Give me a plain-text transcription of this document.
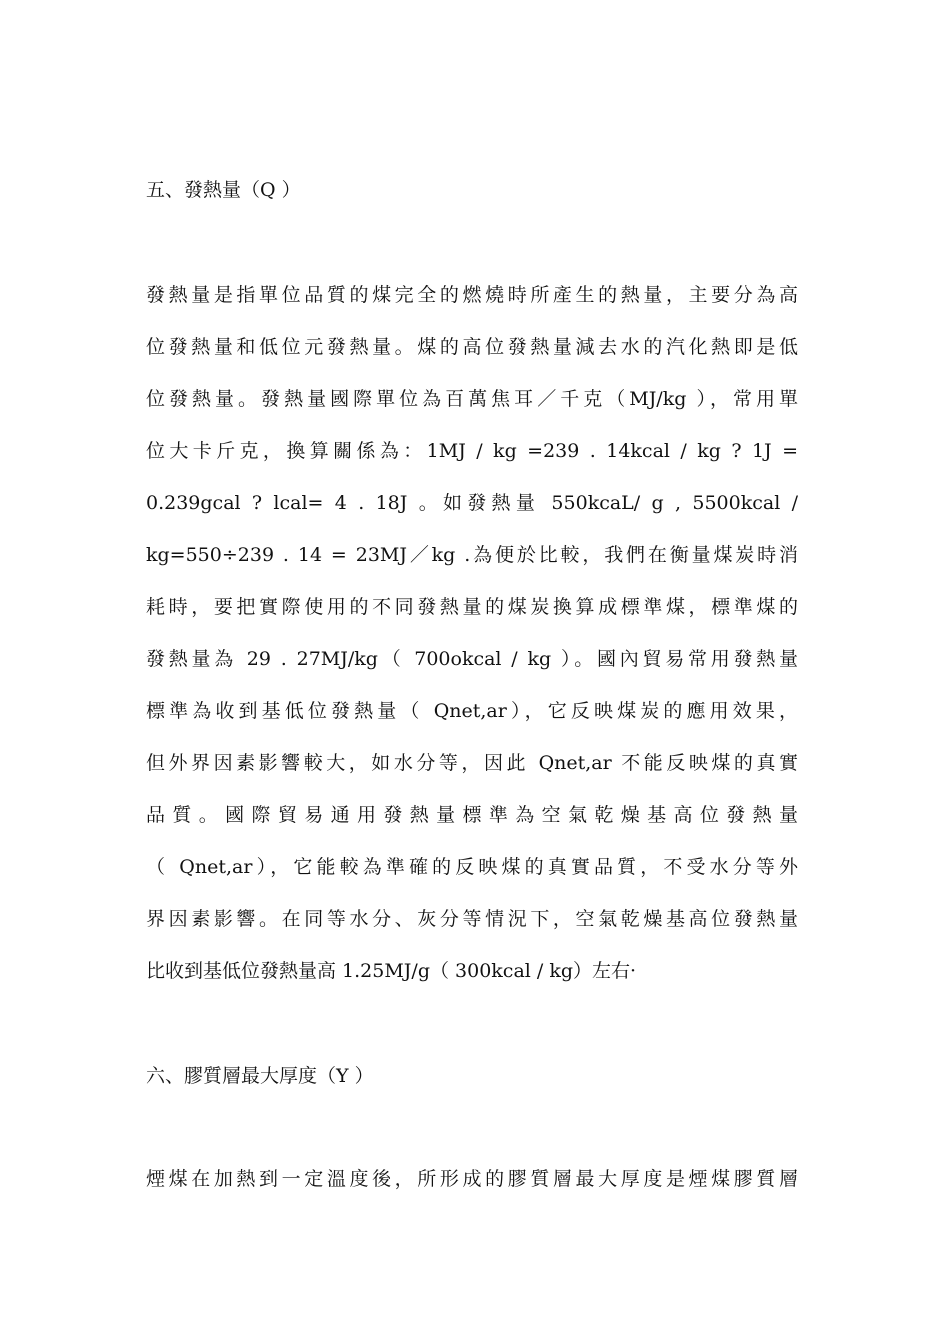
五、發熱量（Q ）
發熱量是指單位品質的煤完全的燃燒時所產生的熱量，主要分為高
位發熱量和低位元發熱量。煤的高位發熱量減去水的汽化熱即是低
位發熱量。發熱量國際單位為百萬焦耳／千克（MJ/kg ），常用單
位大卡斤克，換算關係為：1MJ / kg =239 . 14kcal / kg ? 1J =
0.239gcal ? lcal= 4 . 18J 。如發熱量 550kcaL/ g , 5500kcal /
kg=550÷239 . 14 = 23MJ／kg .為便於比較，我們在衡量煤炭時消
耗時，要把實際使用的不同發熱量的煤炭換算成標準煤，標準煤的
發熱量為 29 . 27MJ/kg（ 700okcal / kg ）。國內貿易常用發熱量
標準為收到基低位發熱量（ Qnet,ar），它反映煤炭的應用效果，
但外界因素影響較大，如水分等，因此 Qnet,ar 不能反映煤的真實
品質。國際貿易通用發熱量標準為空氣乾燥基高位發熱量
（ Qnet,ar），它能較為準確的反映煤的真實品質，不受水分等外
界因素影響。在同等水分、灰分等情況下，空氣乾燥基高位發熱量
比收到基低位發熱量高 1.25MJ/g（ 300kcal / kg）左右·
六、膠質層最大厚度（Y ）
煙煤在加熱到一定溫度後，所形成的膠質層最大厚度是煙煤膠質層
